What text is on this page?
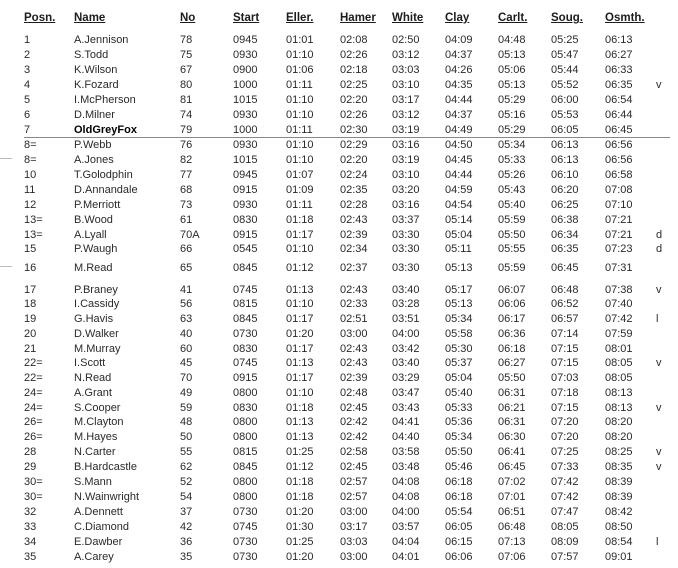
Posn. Name	No	Start Eller. Hamer White Clay Carlt. Soug. Osmth.
1	A.Jennison	78	0945	01:01 02:08 02:50 04:09 04:48 05:25 06:13
2	S.Todd	75	0930	01:10 02:26 03:12 04:37 05:13 05:47 06:27
3	K.Wilson	67	0900	01:06 02:18 03:03 04:26 05:06 05:44 06:33
4	K.Fozard	80	1000	01:11 02:25 03:10 04:35 05:13 05:52 06:35 v
5	I.McPherson	81	1015	01:10 02:20 03:17 04:44 05:29 06:00 06:54
6	D.Milner	74	0930	01:10 02:26 03:12 04:37 05:16 05:53 06:44
7	OldGreyFox	79	1000	01:11 02:30 03:19 04:49 05:29 06:05 06:45
8=	P.Webb	76	0930	01:10 02:29 03:16 04:50 05:34 06:13 06:56
8=	A.Jones	82	1015	01:10 02:20 03:19 04:45 05:33 06:13 06:56
10	T.Golodphin	77	0945	01:07 02:24 03:10 04:44 05:26 06:10 06:58
11	D.Annandale	68	0915	01:09 02:35 03:20 04:59 05:43 06:20 07:08
12	P.Merriott	73	0930	01:11 02:28 03:16 04:54 05:40 06:25 07:10
13=	B.Wood	61	0830	01:18 02:43 03:37 05:14 05:59 06:38 07:21
13=	A.Lyall	70A	0915	01:17 02:39 03:30 05:04 05:50 06:34 07:21 d
15	P.Waugh	66	0545	01:10 02:34 03:30 05:11 05:55 06:35 07:23 d
16	M.Read	65	0845	01:12 02:37 03:30 05:13 05:59 06:45 07:31
17	P.Braney	41	0745	01:13 02:43 03:40 05:17 06:07 06:48 07:38 v
18	I.Cassidy	56	0815	01:10 02:33 03:28 05:13 06:06 06:52 07:40
19	G.Havis	63	0845	01:17 02:51 03:51 05:34 06:17 06:57 07:42 l
20	D.Walker	40	0730	01:20 03:00 04:00 05:58 06:36 07:14 07:59
21	M.Murray	60	0830	01:17 02:43 03:42 05:30 06:18 07:15 08:01
22=	I.Scott	45	0745	01:13 02:43 03:40 05:37 06:27 07:15 08:05 v
22=	N.Read	70	0915	01:17 02:39 03:29 05:04 05:50 07:03 08:05
24=	A.Grant	49	0800	01:10 02:48 03:47 05:40 06:31 07:18 08:13
24=	S.Cooper	59	0830	01:18 02:45 03:43 05:33 06:21 07:15 08:13 v
26=	M.Clayton	48	0800	01:13 02:42 04:41 05:36 06:31 07:20 08:20
26=	M.Hayes	50	0800	01:13 02:42 04:40 05:34 06:30 07:20 08:20
28	N.Carter	55	0815	01:25 02:58 03:58 05:50 06:41 07:25 08:25 v
29	B.Hardcastle	62	0845	01:12 02:45 03:48 05:46 06:45 07:33 08:35 v
30=	S.Mann	52	0800	01:18 02:57 04:08 06:18 07:02 07:42 08:39
30=	N.Wainwright	54	0800	01:18 02:57 04:08 06:18 07:01 07:42 08:39
32	A.Dennett	37	0730	01:20 03:00 04:00 05:54 06:51 07:47 08:42
33	C.Diamond	42	0745	01:30 03:17 03:57 06:05 06:48 08:05 08:50
34	E.Dawber	36	0730	01:25 03:03 04:04 06:15 07:13 08:09 08:54 l
35	A.Carey	35	0730	01:20 03:00 04:01 06:06 07:06 07:57 09:01
